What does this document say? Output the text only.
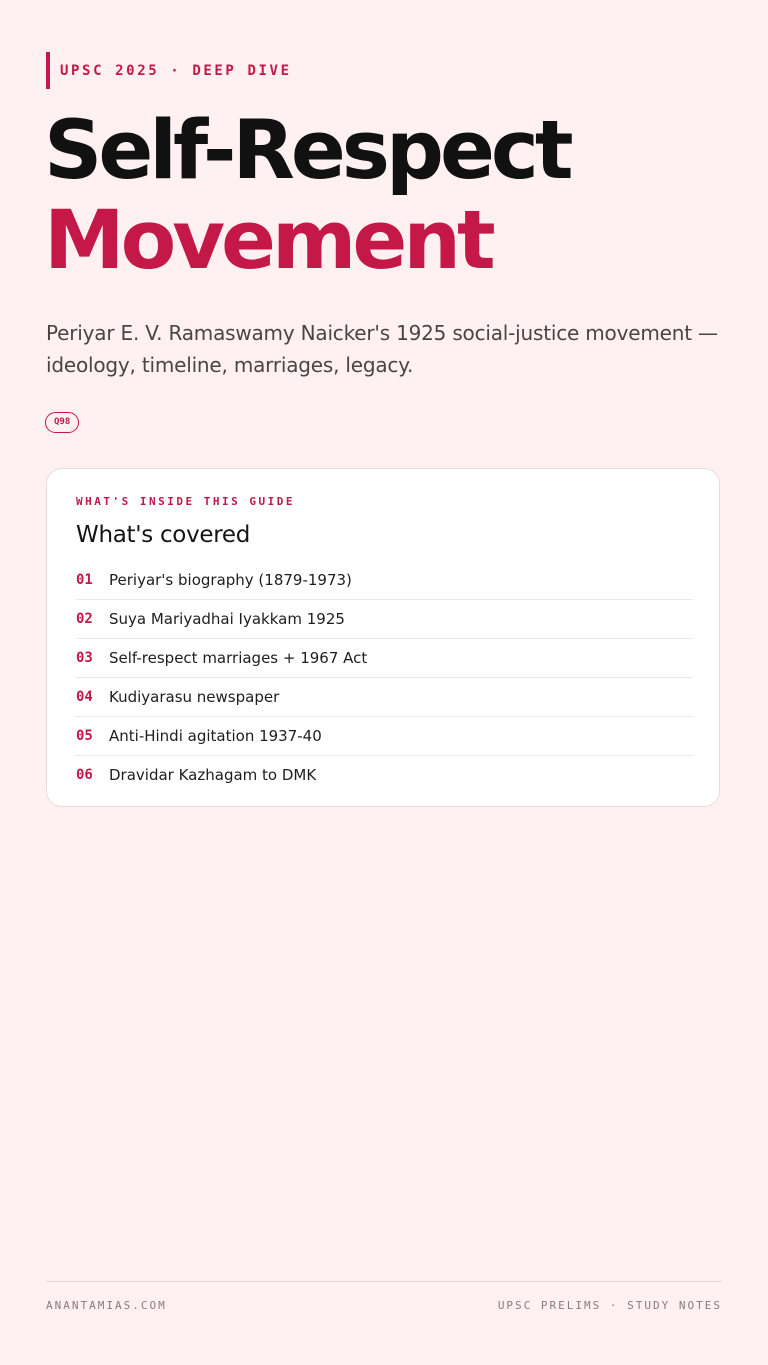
UPSC 2025 · DEEP DIVE
Self-Respect
Movement

Periyar E. V. Ramaswamy Naicker's 1925 social-justice movement — ideology, timeline, marriages, legacy.

Q98
WHAT'S INSIDE THIS GUIDE
What's covered
01	Periyar's biography (1879-1973)
02	Suya Mariyadhai Iyakkam 1925
03	Self-respect marriages + 1967 Act
04	Kudiyarasu newspaper
05	Anti-Hindi agitation 1937-40
06	Dravidar Kazhagam to DMK
ANANTAMIAS.COM	UPSC PRELIMS · STUDY NOTES
